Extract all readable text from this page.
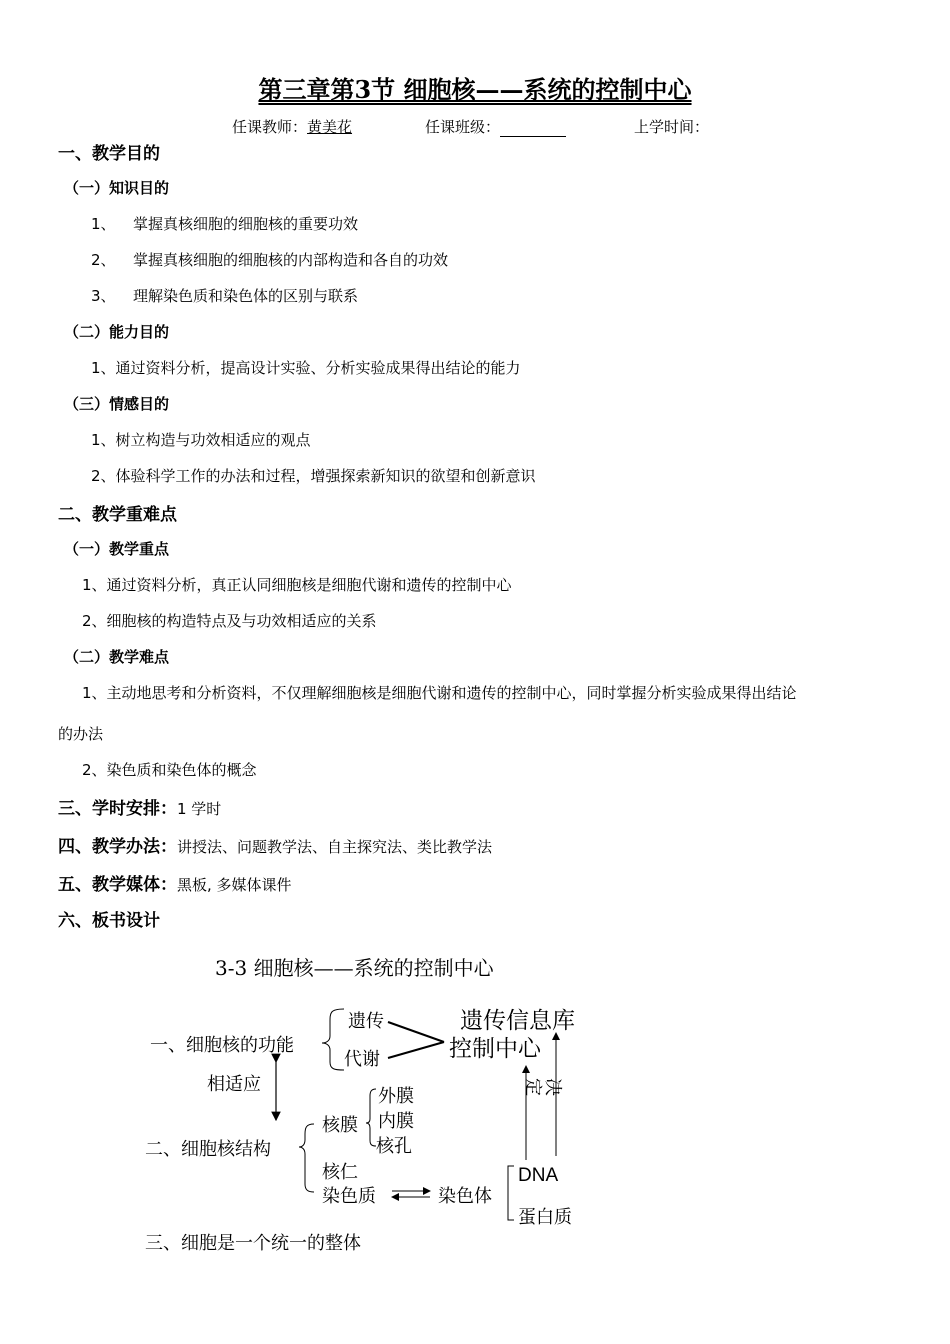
第三章第3节 细胞核——系统的控制中心
任课教师：黄美花	任课班级：	上学时间：
一、教学目的
（一）知识目的
1、 掌握真核细胞的细胞核的重要功效
2、 掌握真核细胞的细胞核的内部构造和各自的功效
3、 理解染色质和染色体的区别与联系
（二）能力目的
1、通过资料分析，提高设计实验、分析实验成果得出结论的能力
（三）情感目的
1、树立构造与功效相适应的观点
2、体验科学工作的办法和过程，增强探索新知识的欲望和创新意识
二、教学重难点
（一）教学重点
1、通过资料分析，真正认同细胞核是细胞代谢和遗传的控制中心
2、细胞核的构造特点及与功效相适应的关系
（二）教学难点
1、主动地思考和分析资料，不仅理解细胞核是细胞代谢和遗传的控制中心，同时掌握分析实验成果得出结论
的办法
2、染色质和染色体的概念
三、学时安排：1 学时
四、教学办法：讲授法、问题教学法、自主探究法、类比教学法
五、教学媒体：黑板, 多媒体课件
六、板书设计
3-3 细胞核——系统的控制中心
一、细胞核的功能
遗传
代谢
遗传信息库
控制中心
相适应	决定
二、细胞核结构
核膜
外膜
内膜
核孔
核仁
染色质	染色体
DNA
蛋白质
三、细胞是一个统一的整体
